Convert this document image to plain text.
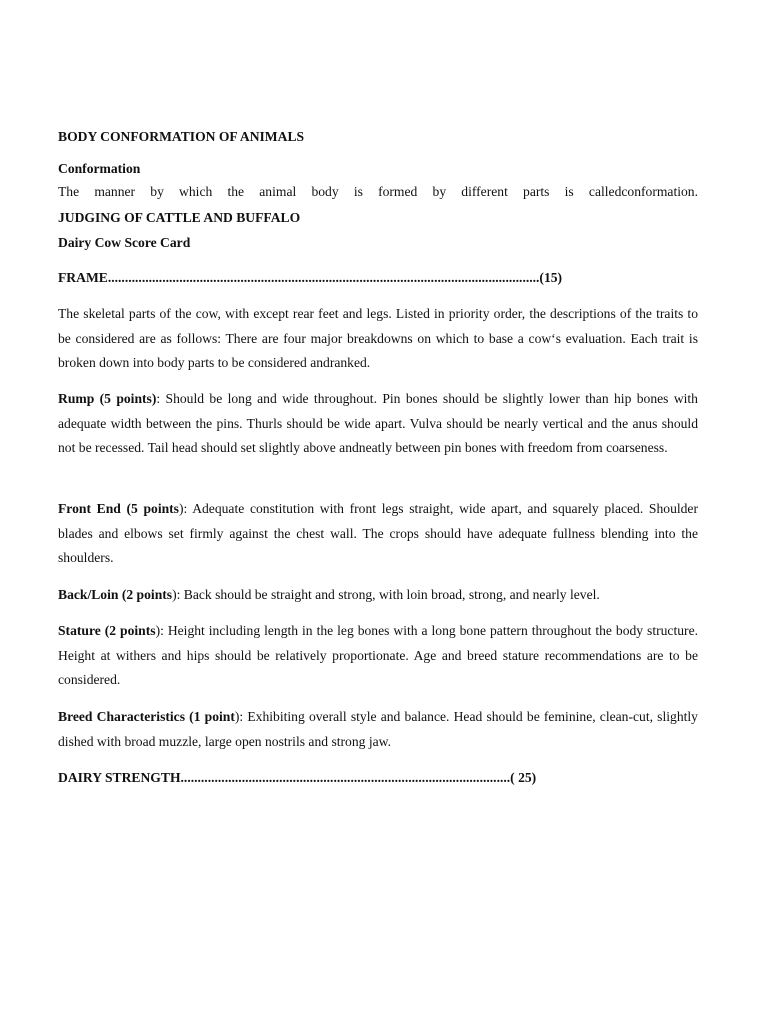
BODY CONFORMATION OF ANIMALS
Conformation
The manner by which the animal body is formed by different parts is calledconformation.
JUDGING OF CATTLE AND BUFFALO
Dairy Cow Score Card
FRAME...............................................................................................................................(15)
The skeletal parts of the cow, with except rear feet and legs. Listed in priority order, the descriptions of the traits to be considered are as follows: There are four major breakdowns on which to base a cow‘s evaluation. Each trait is broken down into body parts to be considered andranked.
Rump (5 points): Should be long and wide throughout. Pin bones should be slightly lower than hip bones with adequate width between the pins. Thurls should be wide apart. Vulva should be nearly vertical and the anus should not be recessed. Tail head should set slightly above andneatly between pin bones with freedom from coarseness.
Front End (5 points): Adequate constitution with front legs straight, wide apart, and squarely placed. Shoulder blades and elbows set firmly against the chest wall. The crops should have adequate fullness blending into the shoulders.
Back/Loin (2 points): Back should be straight and strong, with loin broad, strong, and nearly level.
Stature (2 points): Height including length in the leg bones with a long bone pattern throughout the body structure. Height at withers and hips should be relatively proportionate. Age and breed stature recommendations are to be considered.
Breed Characteristics (1 point): Exhibiting overall style and balance. Head should be feminine, clean-cut, slightly dished with broad muzzle, large open nostrils and strong jaw.
DAIRY STRENGTH.................................................................................................( 25)
